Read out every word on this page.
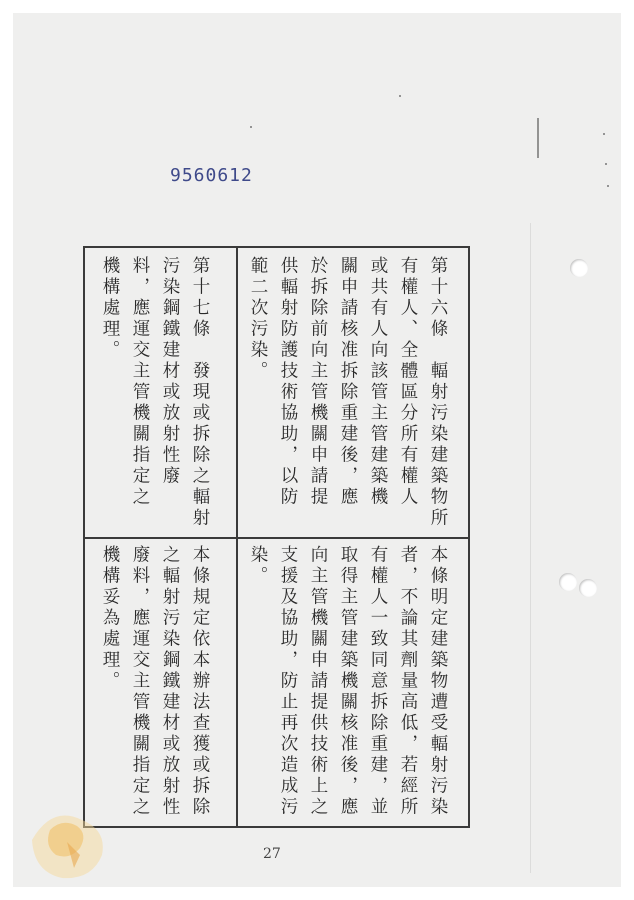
9560612
第十六條　輻射污染建築物所
有權人、全體區分所有權人
或共有人向該管主管建築機
關申請核准拆除重建後，應
於拆除前向主管機關申請提
供輻射防護技術協助，以防
範二次污染。
第十七條　發現或拆除之輻射
污染鋼鐵建材或放射性廢
料，應運交主管機關指定之
機構處理。
本條明定建築物遭受輻射污染
者，不論其劑量高低，若經所
有權人一致同意拆除重建，並
取得主管建築機關核准後，應
向主管機關申請提供技術上之
支援及協助，防止再次造成污
染。
本條規定依本辦法查獲或拆除
之輻射污染鋼鐵建材或放射性
廢料，應運交主管機關指定之
機構妥為處理。
27
